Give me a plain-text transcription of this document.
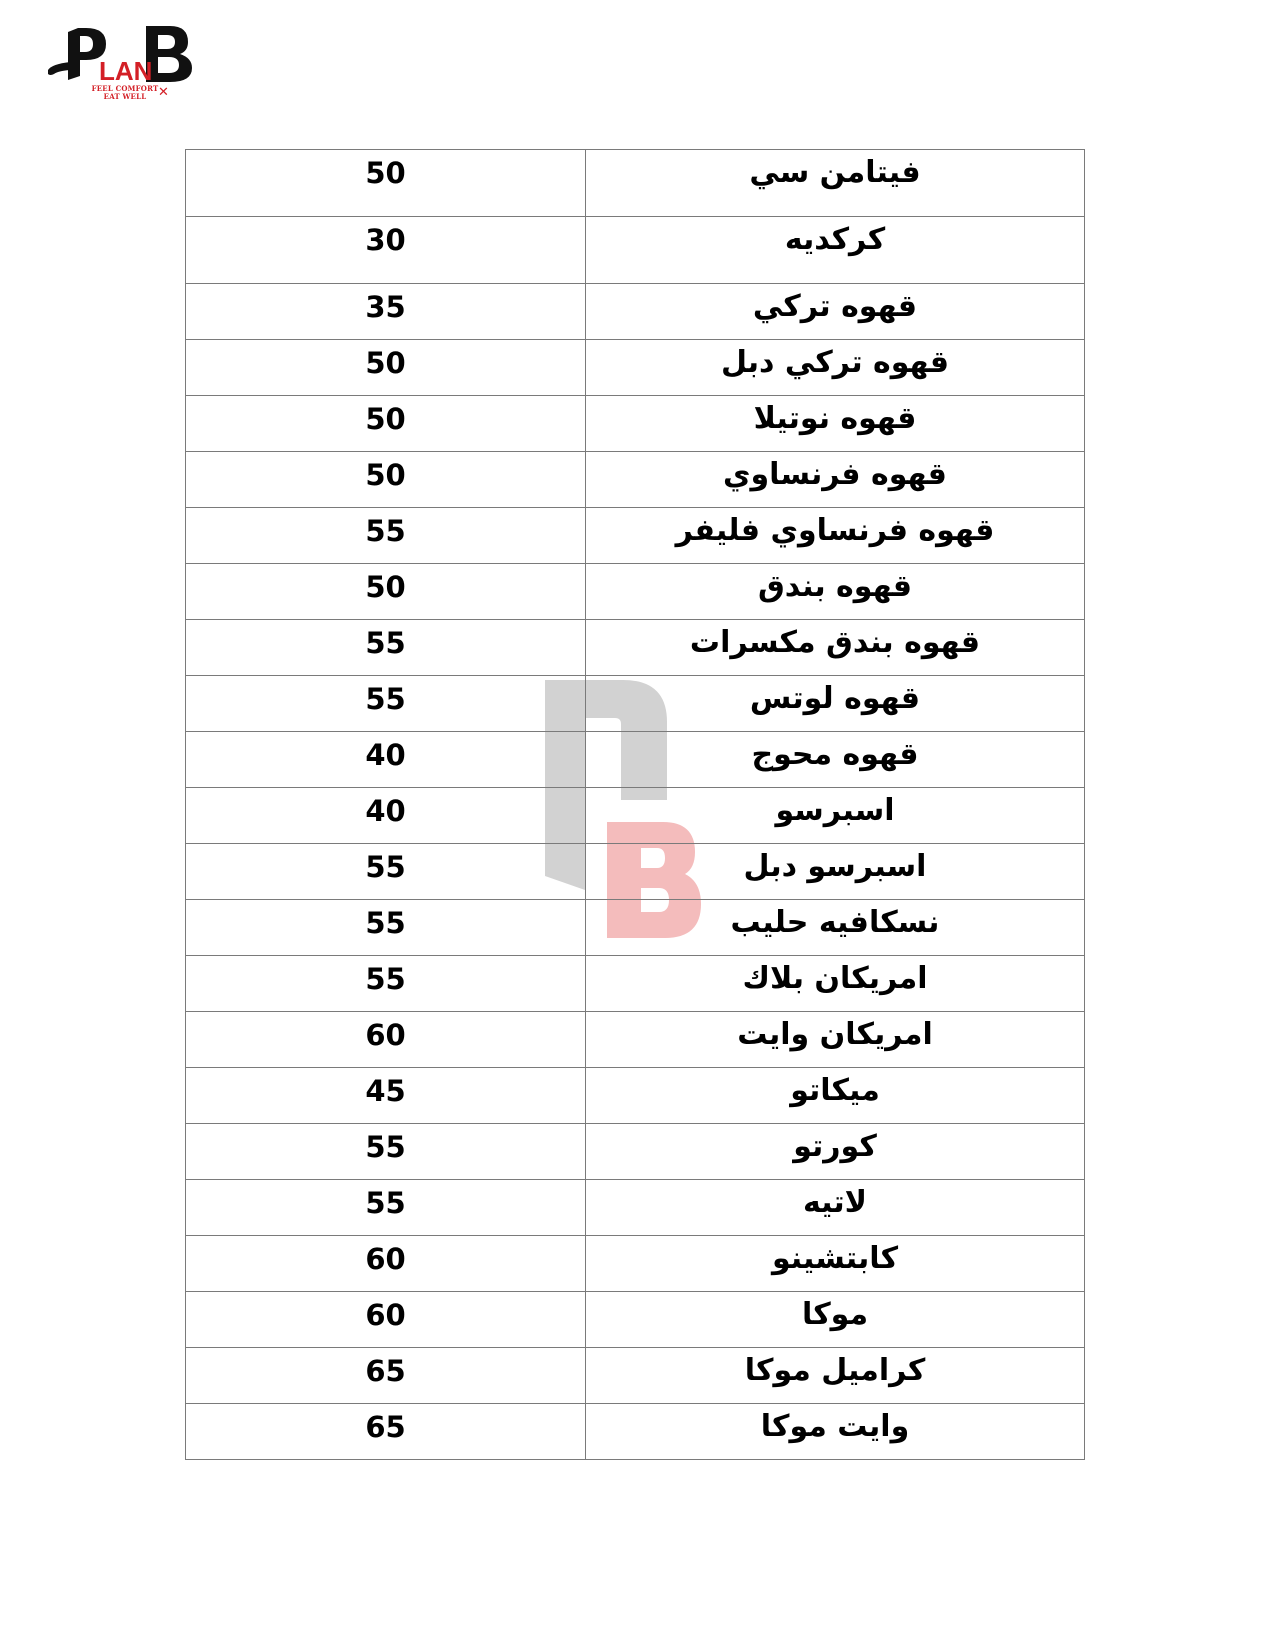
LAN
FEEL COMFORT
EAT WELL ✕
50	فيتامن سي

30	كركديه

35	قهوه تركي

50	قهوه تركي دبل

50	قهوه نوتيلا

50	قهوه فرنساوي

55	قهوه فرنساوي فليفر

50	قهوه بندق

55	قهوه بندق مكسرات

55	قهوه لوتس

40	قهوه محوج

40	اسبرسو

55	اسبرسو دبل

55	نسكافيه حليب

55	امريكان بلاك

60	امريكان وايت

45	ميكاتو

55	كورتو

55	لاتيه

60	كابتشينو

60	موكا

65	كراميل موكا

65	وايت موكا
